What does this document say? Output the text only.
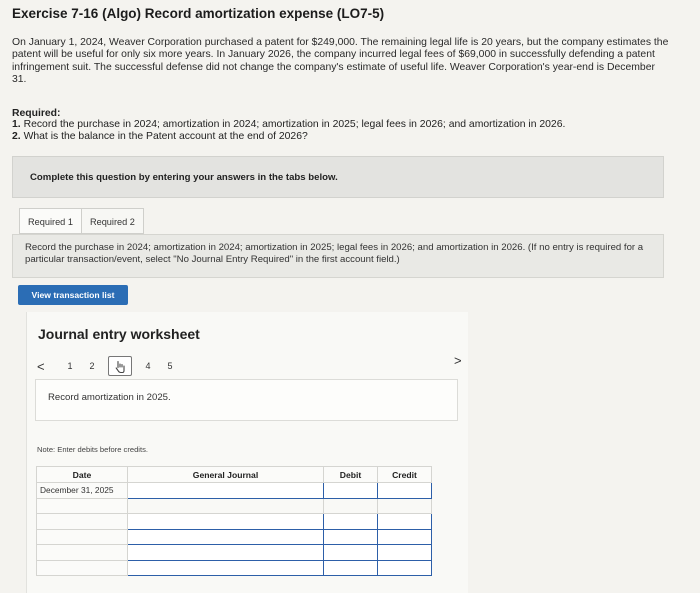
Exercise 7-16 (Algo) Record amortization expense (LO7-5)
On January 1, 2024, Weaver Corporation purchased a patent for $249,000. The remaining legal life is 20 years, but the company estimates the patent will be useful for only six more years. In January 2026, the company incurred legal fees of $69,000 in successfully defending a patent infringement suit. The successful defense did not change the company's estimate of useful life. Weaver Corporation's year-end is December 31.
Required:
1. Record the purchase in 2024; amortization in 2024; amortization in 2025; legal fees in 2026; and amortization in 2026.
2. What is the balance in the Patent account at the end of 2026?
Complete this question by entering your answers in the tabs below.
Required 1	Required 2

Record the purchase in 2024; amortization in 2024; amortization in 2025; legal fees in 2026; and amortization in 2026. (If no entry is required for a particular transaction/event, select "No Journal Entry Required" in the first account field.)

View transaction list
Journal entry worksheet
<	1	2	4	5
Record amortization in 2025.
Note: Enter debits before credits.
Date	General Journal	Debit	Credit
December 31, 2025			

>
